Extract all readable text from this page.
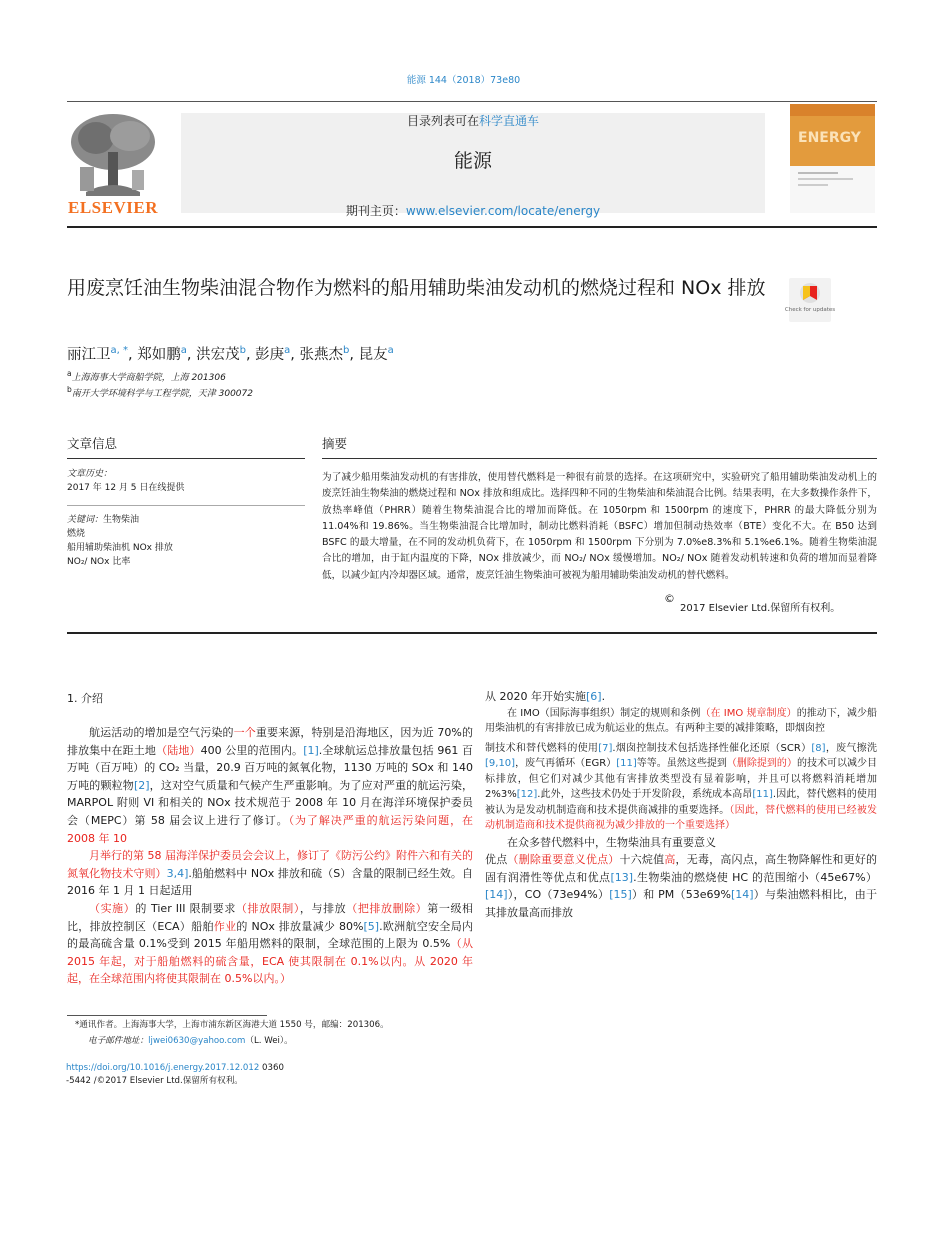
能源 144（2018）73e80
ELSEVIER
目录列表可在科学直通车
能源
期刊主页：www.elsevier.com/locate/energy
ENERGY
用废烹饪油生物柴油混合物作为燃料的船用辅助柴油发动机的燃烧过程和 NOx 排放
Check for updates
丽江卫$^{a, *}$, 郑如鹏$^a$, 洪宏茂$^b$, 彭庚$^a$, 张燕杰$^b$, 昆友$^a$
$^a$上海海事大学商船学院，上海 201306
$^b$南开大学环境科学与工程学院，天津 300072
文章信息
文章历史：
2017 年 12 月 5 日在线提供
关键词：生物柴油
燃烧
船用辅助柴油机 NOx 排放
NO₂/ NOx 比率
摘要
为了减少船用柴油发动机的有害排放，使用替代燃料是一种很有前景的选择。在这项研究中，实验研究了船用辅助柴油发动机上的废烹饪油生物柴油的燃烧过程和 NOx 排放和组成比。选择四种不同的生物柴油和柴油混合比例。结果表明，在大多数操作条件下，放热率峰值（PHRR）随着生物柴油混合比的增加而降低。在 1050rpm 和 1500rpm 的速度下，PHRR 的最大降低分别为 11.04%和 19.86%。当生物柴油混合比增加时，制动比燃料消耗（BSFC）增加但制动热效率（BTE）变化不大。在 B50 达到 BSFC 的最大增量，在不同的发动机负荷下，在 1050rpm 和 1500rpm 下分别为 7.0%e8.3%和 5.1%e6.1%。随着生物柴油混合比的增加，由于缸内温度的下降，NOx 排放减少，而 NO₂/ NOx 缓慢增加。NO₂/ NOx 随着发动机转速和负荷的增加而显着降低，以减少缸内冷却器区域。通常，废烹饪油生物柴油可被视为船用辅助柴油发动机的替代燃料。
©
2017 Elsevier Ltd.保留所有权利。
1. 介绍
航运活动的增加是空气污染的一个重要来源，特别是沿海地区，因为近 70%的排放集中在距土地（陆地）400 公里的范围内。[1].全球航运总排放量包括 961 百万吨（百万吨）的 CO₂ 当量，20.9 百万吨的氮氧化物，1130 万吨的 SOx 和 140 万吨的颗粒物[2]，这对空气质量和气候产生严重影响。为了应对严重的航运污染，MARPOL 附则 VI 和相关的 NOx 技术规范于 2008 年 10 月在海洋环境保护委员会（MEPC）第 58 届会议上进行了修订。（为了解决严重的航运污染问题，在 2008 年 10
月举行的第 58 届海洋保护委员会会议上，修订了《防污公约》附件六和有关的氮氧化物技术守则）3,4].船舶燃料中 NOx 排放和硫（S）含量的限制已经生效。自 2016 年 1 月 1 日起适用
（实施）的 Tier III 限制要求（排放限制），与排放（把排放删除）第一级相比，排放控制区（ECA）船舶作业的 NOx 排放量减少 80%[5].欧洲航空安全局内的最高硫含量 0.1%受到 2015 年船用燃料的限制，全球范围的上限为 0.5%（从 2015 年起，对于船舶燃料的硫含量，ECA 使其限制在 0.1%以内。从 2020 年起，在全球范围内将使其限制在 0.5%以内。）
从 2020 年开始实施[6].
在 IMO（国际海事组织）制定的规则和条例（在 IMO 规章制度）的推动下，减少船用柴油机的有害排放已成为航运业的焦点。有两种主要的减排策略，即烟囱控
制技术和替代燃料的使用[7].烟囱控制技术包括选择性催化还原（SCR）[8]，废气擦洗[9,10]，废气再循环（EGR）[11]等等。虽然这些提到（删除提到的）的技术可以减少目标排放，但它们对减少其他有害排放类型没有显着影响，并且可以将燃料消耗增加 2%3%[12].此外，这些技术仍处于开发阶段，系统成本高昂[11].因此，替代燃料的使用被认为是发动机制造商和技术提供商减排的重要选择。（因此，替代燃料的使用已经被发动机制造商和技术提供商视为减少排放的一个重要选择）
在众多替代燃料中，生物柴油具有重要意义
优点（删除重要意义优点）十六烷值高，无毒，高闪点，高生物降解性和更好的固有润滑性等优点和优点[13].生物柴油的燃烧使 HC 的范围缩小（45e67%）[14]），CO（73e94%）[15]）和 PM（53e69%[14]）与柴油燃料相比，由于其排放量高而排放
*通讯作者。上海海事大学，上海市浦东新区海港大道 1550 号，邮编：201306。
电子邮件地址：ljwei0630@yahoo.com（L. Wei）。
https://doi.org/10.1016/j.energy.2017.12.012 0360
-5442 /©2017 Elsevier Ltd.保留所有权利。
